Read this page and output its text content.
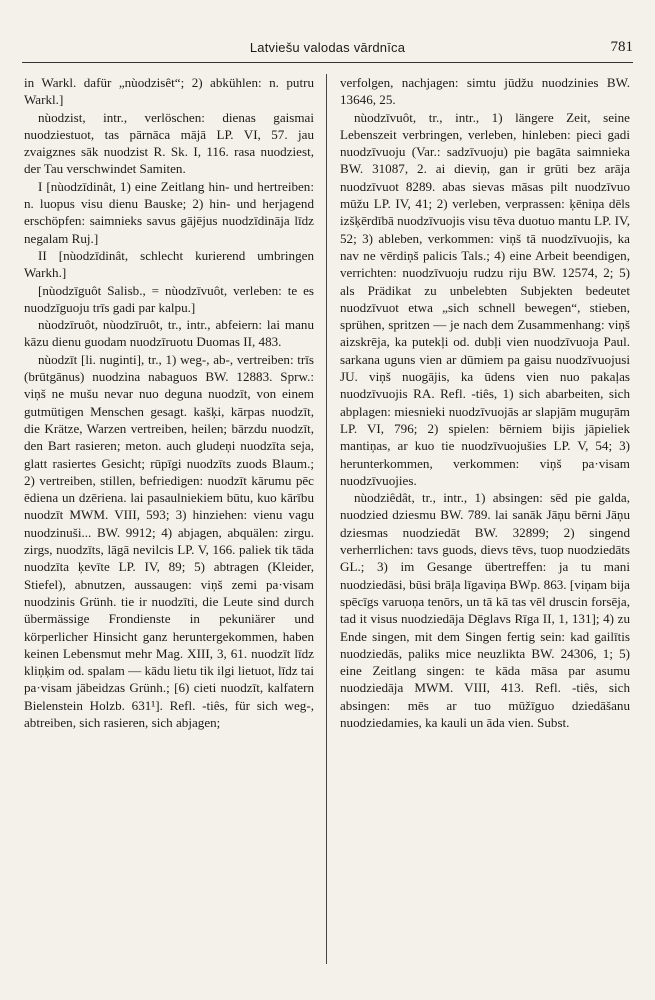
Latviešu valodas vārdnīca	781

in Warkl. dafür „nùodzisêt“; 2) abkühlen: n. putru Warkl.]

nùodzist, intr., verlöschen: dienas gaismai nuodziestuot, tas pārnāca mājā LP. VI, 57. jau zvaigznes sāk nuodzist R. Sk. I, 116. rasa nuodziest, der Tau verschwindet Samiten.

I [nùodzīdinât, 1) eine Zeitlang hin- und hertreiben: n. luopus visu dienu Bauske; 2) hin- und herjagend erschöpfen: saimnieks savus gājējus nuodzīdināja līdz negalam Ruj.]

II [nùodzīdinât, schlecht kurierend umbringen Warkh.]

[nùodzīguôt Salisb., = nùodzīvuôt, verleben: te es nuodzīguoju trīs gadi par kalpu.]

nùodzīruôt, nùodzīruôt, tr., intr., abfeiern: lai manu kāzu dienu guodam nuodzīruotu Duomas II, 483.

nùodzīt [li. nuginti], tr., 1) weg-, ab-, vertreiben: trīs (brūtgānus) nuodzina nabaguos BW. 12883. Sprw.: viņš ne mušu nevar nuo deguna nuodzīt, von einem gutmütigen Menschen gesagt. kašķi, kārpas nuodzīt, die Krätze, Warzen vertreiben, heilen; bārzdu nuodzīt, den Bart rasieren; meton. auch gludeņi nuodzīta seja, glatt rasiertes Gesicht; rūpīgi nuodzīts zuods Blaum.; 2) vertreiben, stillen, befriedigen: nuodzīt kārumu pēc ēdiena un dzēriena. lai pasaulniekiem būtu, kuo kārību nuodzīt MWM. VIII, 593; 3) hinziehen: vienu vagu nuodzinuši... BW. 9912; 4) abjagen, abquälen: zirgu. zirgs, nuodzīts, lāgā nevilcis LP. V, 166. paliek tik tāda nuodzīta ķevīte LP. IV, 89; 5) abtragen (Kleider, Stiefel), abnutzen, aussaugen: viņš zemi pa·visam nuodzinis Grünh. tie ir nuodzīti, die Leute sind durch übermässige Frondienste in pekuniärer und körperlicher Hinsicht ganz heruntergekommen, haben keinen Lebensmut mehr Mag. XIII, 3, 61. nuodzīt līdz kliņķim od. spalam — kādu lietu tik ilgi lietuot, līdz tai pa·visam jābeidzas Grünh.; [6) cieti nuodzīt, kalfatern Bielenstein Holzb. 631¹]. Refl. -tiês, für sich weg-, abtreiben, sich rasieren, sich abjagen;

verfolgen, nachjagen: simtu jūdžu nuodzinies BW. 13646, 25.

nùodzīvuôt, tr., intr., 1) längere Zeit, seine Lebenszeit verbringen, verleben, hinleben: pieci gadi nuodzīvuoju (Var.: sadzīvuoju) pie bagāta saimnieka BW. 31087, 2. ai dieviņ, gan ir grūti bez arāja nuodzīvuot 8289. abas sievas māsas pilt nuodzīvuo mūžu LP. IV, 41; 2) verleben, verprassen: ķēniņa dēls izšķērdībā nuodzīvuojis visu tēva duotuo mantu LP. IV, 52; 3) ableben, verkommen: viņš tā nuodzīvuojis, ka nav ne vērdiņš palicis Tals.; 4) eine Arbeit beendigen, verrichten: nuodzīvuoju rudzu riju BW. 12574, 2; 5) als Prädikat zu unbelebten Subjekten bedeutet nuodzīvuot etwa „sich schnell bewegen“, stieben, sprühen, spritzen — je nach dem Zusammenhang: viņš aizskrēja, ka putekļi od. dubļi vien nuodzīvuoja Paul. sarkana uguns vien ar dūmiem pa gaisu nuodzīvuojusi JU. viņš nuogājis, ka ūdens vien nuo pakaļas nuodzīvuojis RA. Refl. -tiês, 1) sich abarbeiten, sich abplagen: miesnieki nuodzīvuojās ar slapjām muguŗām LP. VI, 796; 2) spielen: bērniem bijis jāpieliek mantiņas, ar kuo tie nuodzīvuojušies LP. V, 54; 3) herunterkommen, verkommen: viņš pa·visam nuodzīvuojies.

nùodziêdât, tr., intr., 1) absingen: sēd pie galda, nuodzied dziesmu BW. 789. lai sanāk Jāņu bērni Jāņu dziesmas nuodziedāt BW. 32899; 2) singend verherrlichen: tavs guods, dievs tēvs, tuop nuodziedāts GL.; 3) im Gesange übertreffen: ja tu mani nuodziedāsi, būsi brāļa līgaviņa BWp. 863. [viņam bija spēcīgs varuoņa tenōrs, un tā kā tas vēl druscin forsēja, tad it visus nuodziedāja Dēglavs Rīga II, 1, 131]; 4) zu Ende singen, mit dem Singen fertig sein: kad gailītis nuodziedās, paliks mice neuzlikta BW. 24306, 1; 5) eine Zeitlang singen: te kāda māsa par asumu nuodziedāja MWM. VIII, 413. Refl. -tiês, sich absingen: mēs ar tuo mūžīguo dziedāšanu nuodziedamies, ka kauli un āda vien. Subst.
